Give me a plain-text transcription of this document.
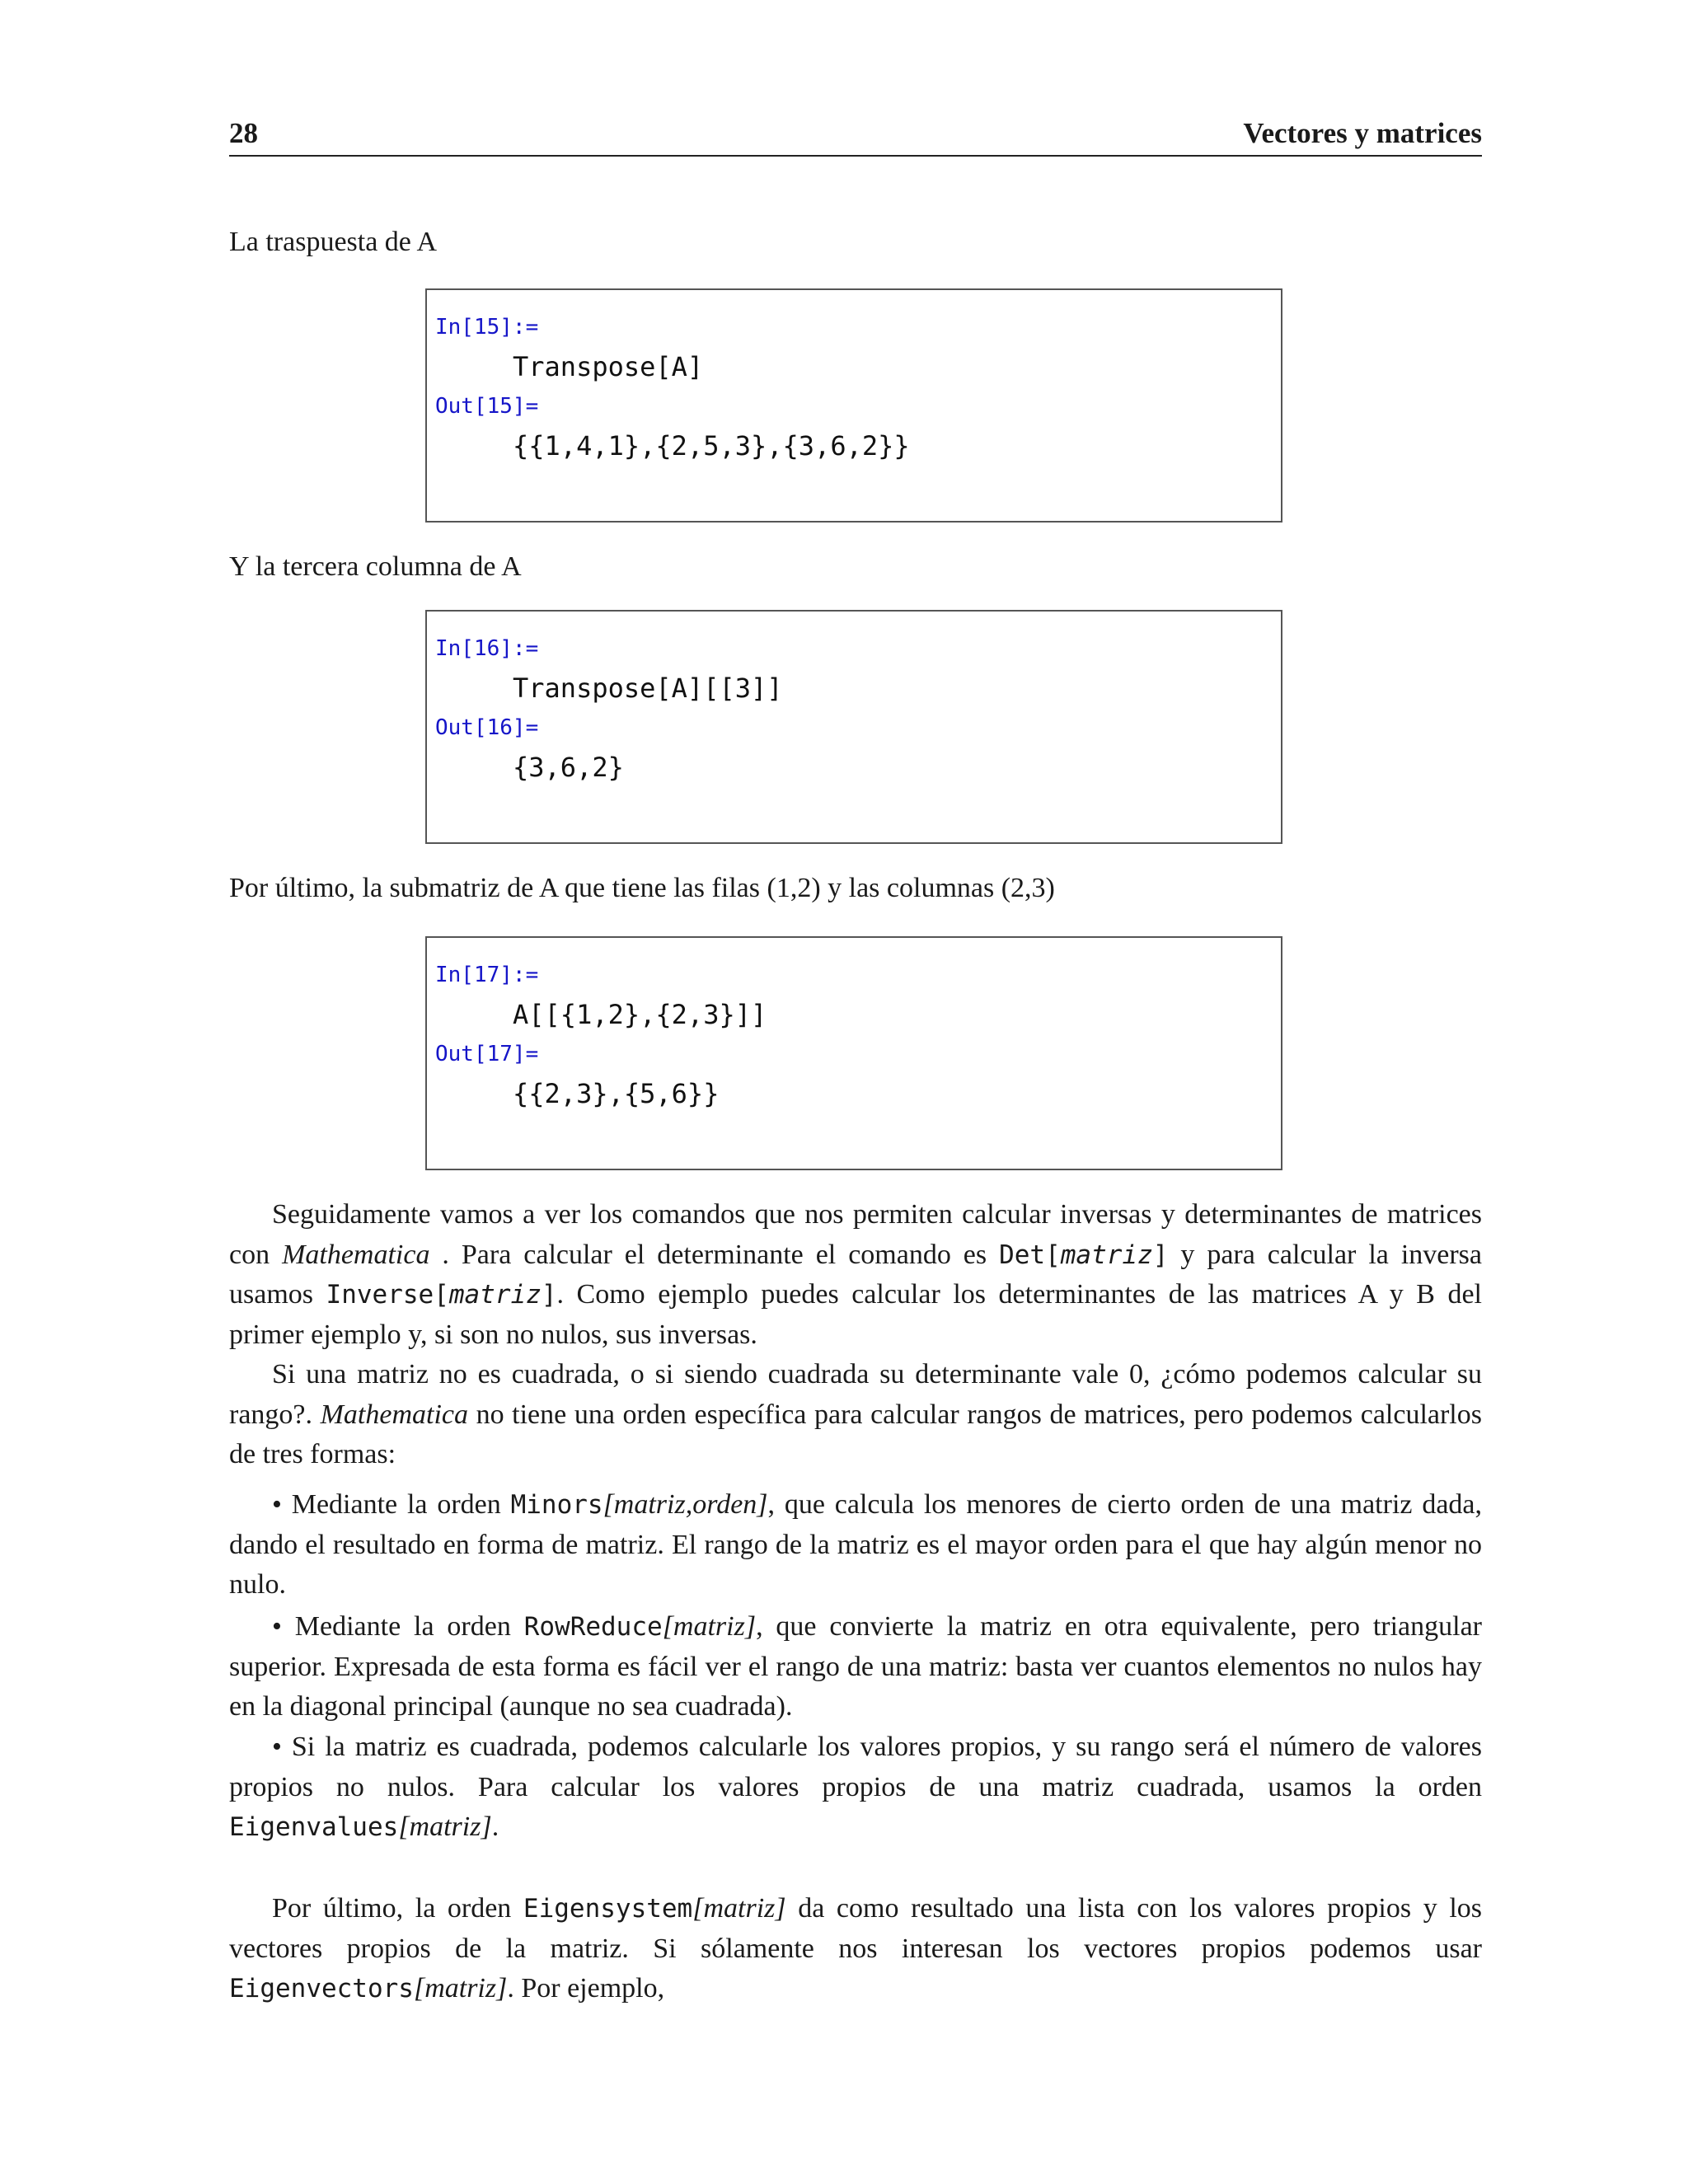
28	Vectores y matrices

La traspuesta de A

In[15]:=
Transpose[A]
Out[15]=
{{1,4,1},{2,5,3},{3,6,2}}

Y la tercera columna de A

In[16]:=
Transpose[A][[3]]
Out[16]=
{3,6,2}

Por último, la submatriz de A que tiene las filas (1,2) y las columnas (2,3)

In[17]:=
A[[{1,2},{2,3}]]
Out[17]=
{{2,3},{5,6}}

Seguidamente vamos a ver los comandos que nos permiten calcular inversas y determinantes de matrices con Mathematica . Para calcular el determinante el comando es Det[matriz] y para calcular la inversa usamos Inverse[matriz]. Como ejemplo puedes calcular los determinantes de las matrices A y B del primer ejemplo y, si son no nulos, sus inversas.

Si una matriz no es cuadrada, o si siendo cuadrada su determinante vale 0, ¿cómo podemos calcular su rango?. Mathematica no tiene una orden específica para calcular rangos de matrices, pero podemos calcularlos de tres formas:

• Mediante la orden Minors[matriz,orden], que calcula los menores de cierto orden de una matriz dada, dando el resultado en forma de matriz. El rango de la matriz es el mayor orden para el que hay algún menor no nulo.

• Mediante la orden RowReduce[matriz], que convierte la matriz en otra equivalente, pero triangular superior. Expresada de esta forma es fácil ver el rango de una matriz: basta ver cuantos elementos no nulos hay en la diagonal principal (aunque no sea cuadrada).

• Si la matriz es cuadrada, podemos calcularle los valores propios, y su rango será el número de valores propios no nulos. Para calcular los valores propios de una matriz cuadrada, usamos la orden Eigenvalues[matriz].

Por último, la orden Eigensystem[matriz] da como resultado una lista con los valores propios y los vectores propios de la matriz. Si sólamente nos interesan los vectores propios podemos usar Eigenvectors[matriz]. Por ejemplo,
